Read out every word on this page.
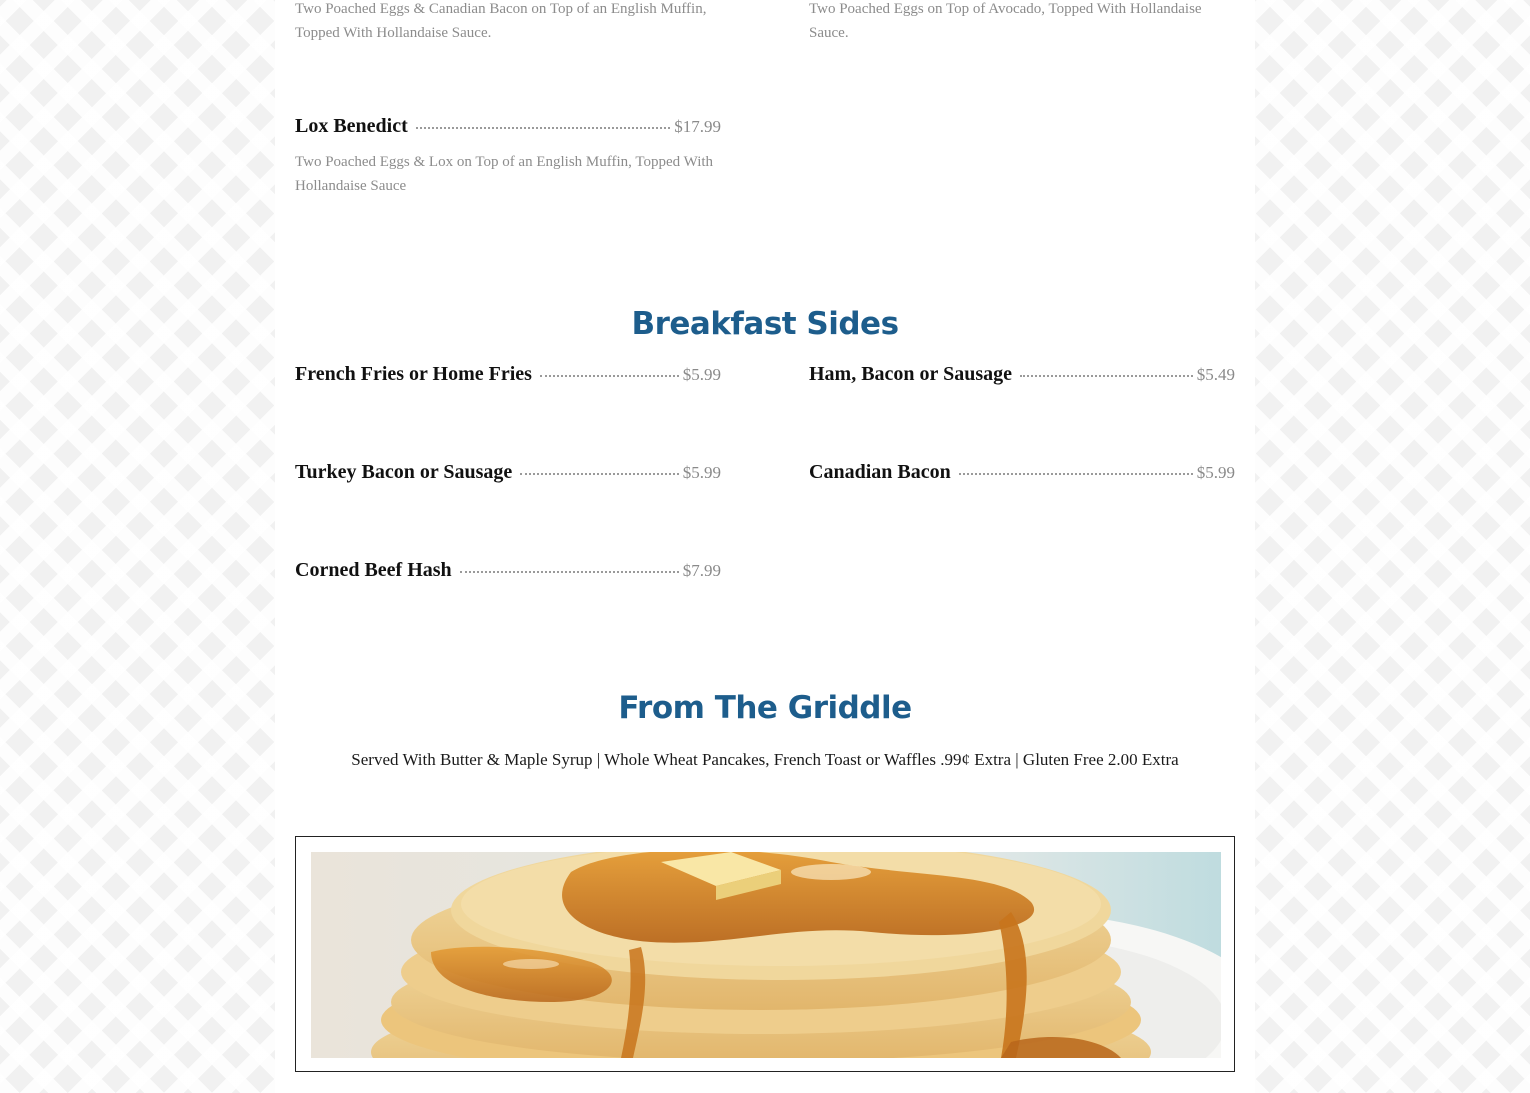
Two Poached Eggs & Canadian Bacon on Top of an English Muffin, Topped With Hollandaise Sauce.
Two Poached Eggs on Top of Avocado, Topped With Hollandaise Sauce.
Lox Benedict	$17.99
Two Poached Eggs & Lox on Top of an English Muffin, Topped With Hollandaise Sauce
Breakfast Sides
French Fries or Home Fries	$5.99	Ham, Bacon or Sausage	$5.49
Turkey Bacon or Sausage	$5.99	Canadian Bacon	$5.99
Corned Beef Hash	$7.99
From The Griddle
Served With Butter & Maple Syrup | Whole Wheat Pancakes, French Toast or Waffles .99¢ Extra | Gluten Free 2.00 Extra
